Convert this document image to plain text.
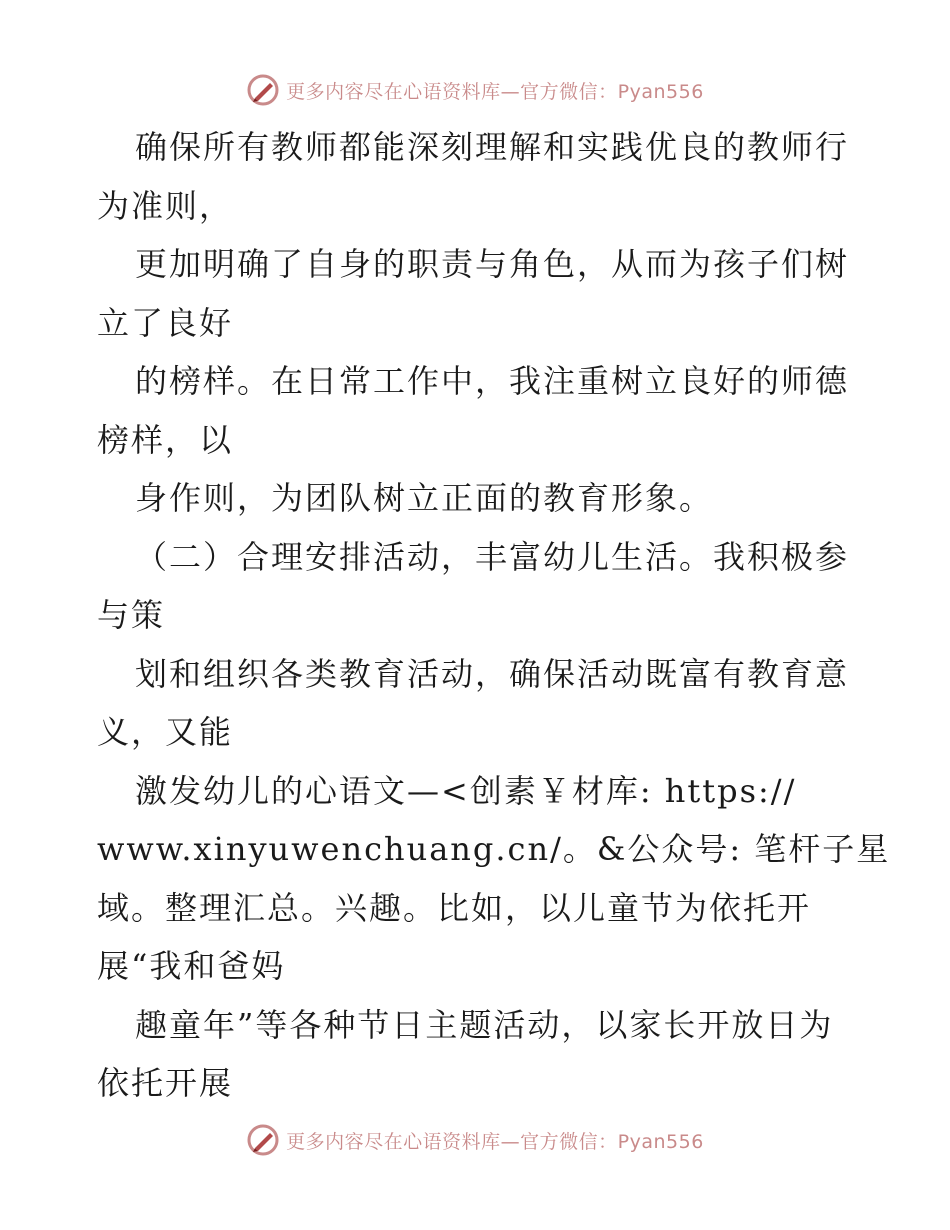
更多内容尽在心语资料库—官方微信：Pyan556
确保所有教师都能深刻理解和实践优良的教师行
为准则，
更加明确了自身的职责与角色，从而为孩子们树
立了良好
的榜样。在日常工作中，我注重树立良好的师德
榜样，以
身作则，为团队树立正面的教育形象。
（二）合理安排活动，丰富幼儿生活。我积极参
与策
划和组织各类教育活动，确保活动既富有教育意
义，又能
激发幼儿的心语文—<创素￥材库: https://
www.xinyuwenchuang.cn/。&公众号: 笔杆子星
域。整理汇总。兴趣。比如，以儿童节为依托开
展“我和爸妈
趣童年”等各种节日主题活动，以家长开放日为
依托开展
更多内容尽在心语资料库—官方微信：Pyan556
